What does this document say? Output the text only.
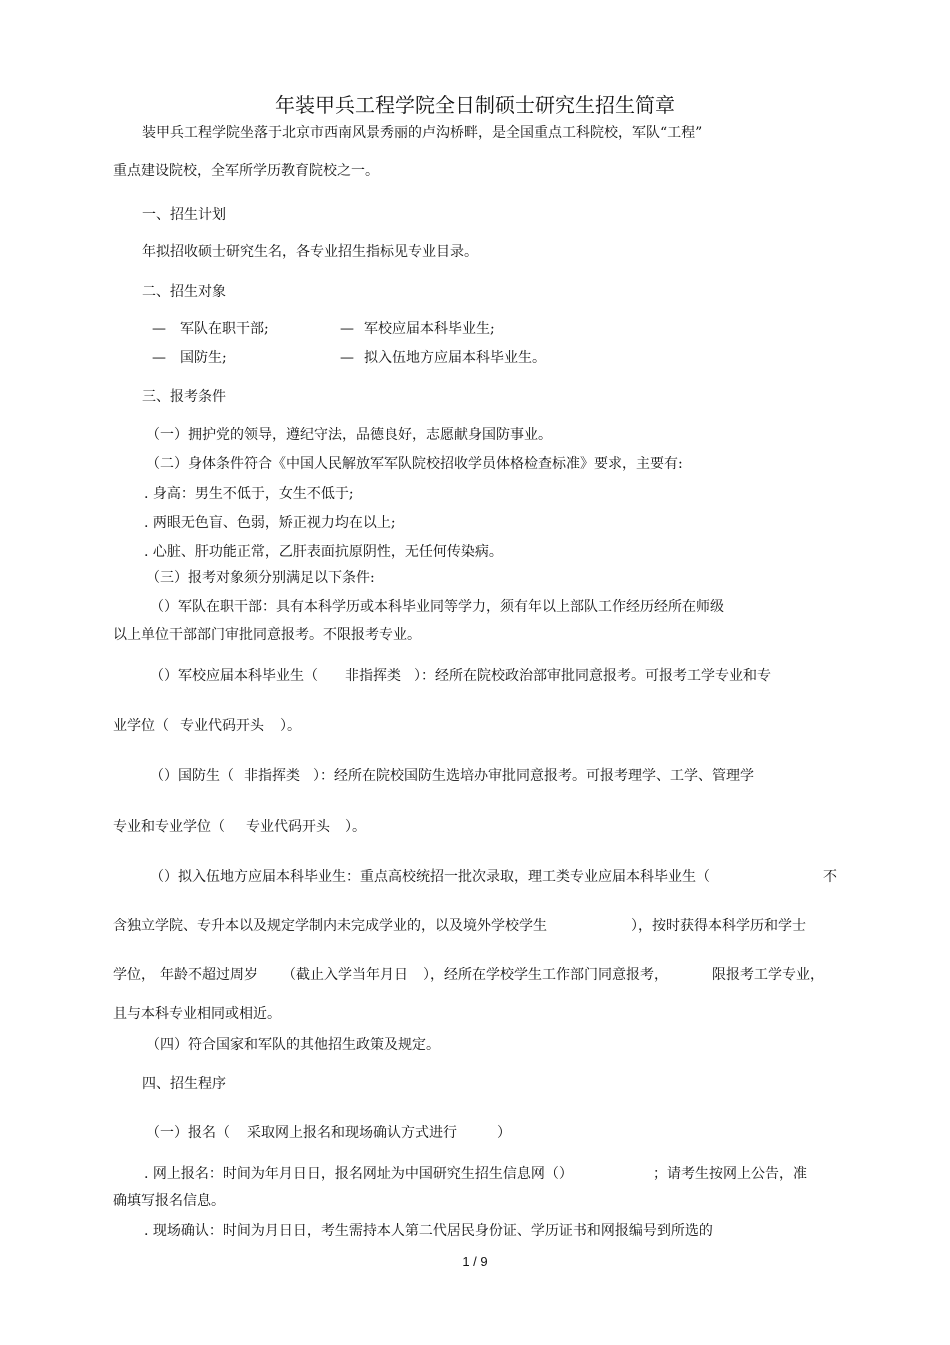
年装甲兵工程学院全日制硕士研究生招生简章
装甲兵工程学院坐落于北京市西南风景秀丽的卢沟桥畔，是全国重点工科院校，军队“工程”
重点建设院校，全军所学历教育院校之一。
一、招生计划
年拟招收硕士研究生名，各专业招生指标见专业目录。
二、招生对象
— 军队在职干部;	— 军校应届本科毕业生;
— 国防生;	— 拟入伍地方应届本科毕业生。
三、报考条件
（一）拥护党的领导，遵纪守法，品德良好，志愿献身国防事业。
（二）身体条件符合《中国人民解放军军队院校招收学员体格检查标准》要求，主要有:
. 身高：男生不低于，女生不低于;
. 两眼无色盲、色弱，矫正视力均在以上;
. 心脏、肝功能正常，乙肝表面抗原阴性，无任何传染病。
（三）报考对象须分别满足以下条件:
（）军队在职干部：具有本科学历或本科毕业同等学力，须有年以上部队工作经历经所在师级
以上单位干部部门审批同意报考。不限报考专业。
（）军校应届本科毕业生（ 非指挥类 ）：经所在院校政治部审批同意报考。可报考工学专业和专
业学位（ 专业代码开头 ）。
（）国防生（ 非指挥类 ）：经所在院校国防生选培办审批同意报考。可报考理学、工学、管理学
专业和专业学位（ 专业代码开头 ）。
（）拟入伍地方应届本科毕业生：重点高校统招一批次录取，理工类专业应届本科毕业生（	不
含独立学院、专升本以及规定学制内未完成学业的，以及境外学校学生	），按时获得本科学历和学士
学位， 年龄不超过周岁 （截止入学当年月日 ），经所在学校学生工作部门同意报考，	限报考工学专业，
且与本科专业相同或相近。
（四）符合国家和军队的其他招生政策及规定。
四、招生程序
（一）报名（ 采取网上报名和现场确认方式进行	）
. 网上报名：时间为年月日日，报名网址为中国研究生招生信息网（）	；请考生按网上公告，准
确填写报名信息。
. 现场确认：时间为月日日，考生需持本人第二代居民身份证、学历证书和网报编号到所选的
1 / 9
